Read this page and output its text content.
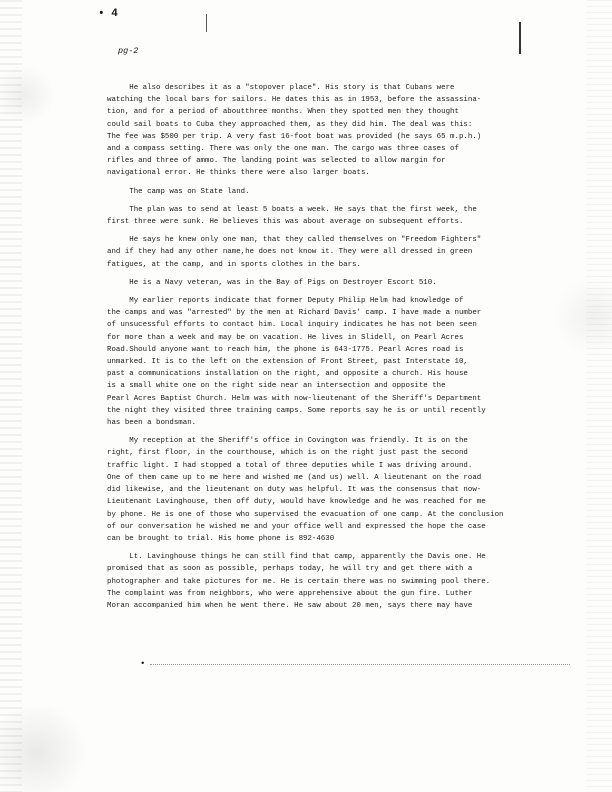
• 4
pg-2
He also describes it as a "stopover place". His story is that Cubans were
watching the local bars for sailors. He dates this as in 1953, before the assassina-
tion, and for a period of aboutthree months. When they spotted men they thought
could sail boats to Cuba they approached them, as they did him. The deal was this:
The fee was $500 per trip. A very fast 16-foot boat was provided (he says 65 m.p.h.)
and a compass setting. There was only the one man. The cargo was three cases of
rifles and three of ammo. The landing point was selected to allow margin for
navigational error. He thinks there were also larger boats.
The camp was on State land.
The plan was to send at least 5 boats a week. He says that the first week, the
first three were sunk. He believes this was about average on subsequent efforts.
He says he knew only one man, that they called themselves on "Freedom Fighters"
and if they had any other name,he does not know it. They were all dressed in green
fatigues, at the camp, and in sports clothes in the bars.
He is a Navy veteran, was in the Bay of Pigs on Destroyer Escort 510.
My earlier reports indicate that former Deputy Philip Helm had knowledge of
the camps and was "arrested" by the men at Richard Davis' camp. I have made a number
of unsucessful efforts to contact him. Local inquiry indicates he has not been seen
for more than a week and may be on vacation. He lives in Slidell, on Pearl Acres
Road.Should anyone want to reach him, the phone is 643-1775. Pearl Acres road is
unmarked. It is to the left on the extension of Front Street, past Interstate 10,
past a communications installation on the right, and opposite a church. His house
is a small white one on the right side near an intersection and opposite the
Pearl Acres Baptist Church. Helm was with now-lieutenant of the Sheriff's Department
the night they visited three training camps. Some reports say he is or until recently
has been a bondsman.
My reception at the Sheriff's office in Covington was friendly. It is on the
right, first floor, in the courthouse, which is on the right just past the second
traffic light. I had stopped a total of three deputies while I was driving around.
One of them came up to me here and wished me (and us) well. A lieutenant on the road
did likewise, and the lieutenant on duty was helpful. It was the consensus that now-
Lieutenant Lavinghouse, then off duty, would have knowledge and he was reached for me
by phone. He is one of those who supervised the evacuation of one camp. At the conclusion
of our conversation he wished me and your office well and expressed the hope the case
can be brought to trial. His home phone is 892-4630
Lt. Lavinghouse things he can still find that camp, apparently the Davis one. He
promised that as soon as possible, perhaps today, he will try and get there with a
photographer and take pictures for me. He is certain there was no swimming pool there.
The complaint was from neighbors, who were apprehensive about the gun fire. Luther
Moran accompanied him when he went there. He saw about 20 men, says there may have
•
